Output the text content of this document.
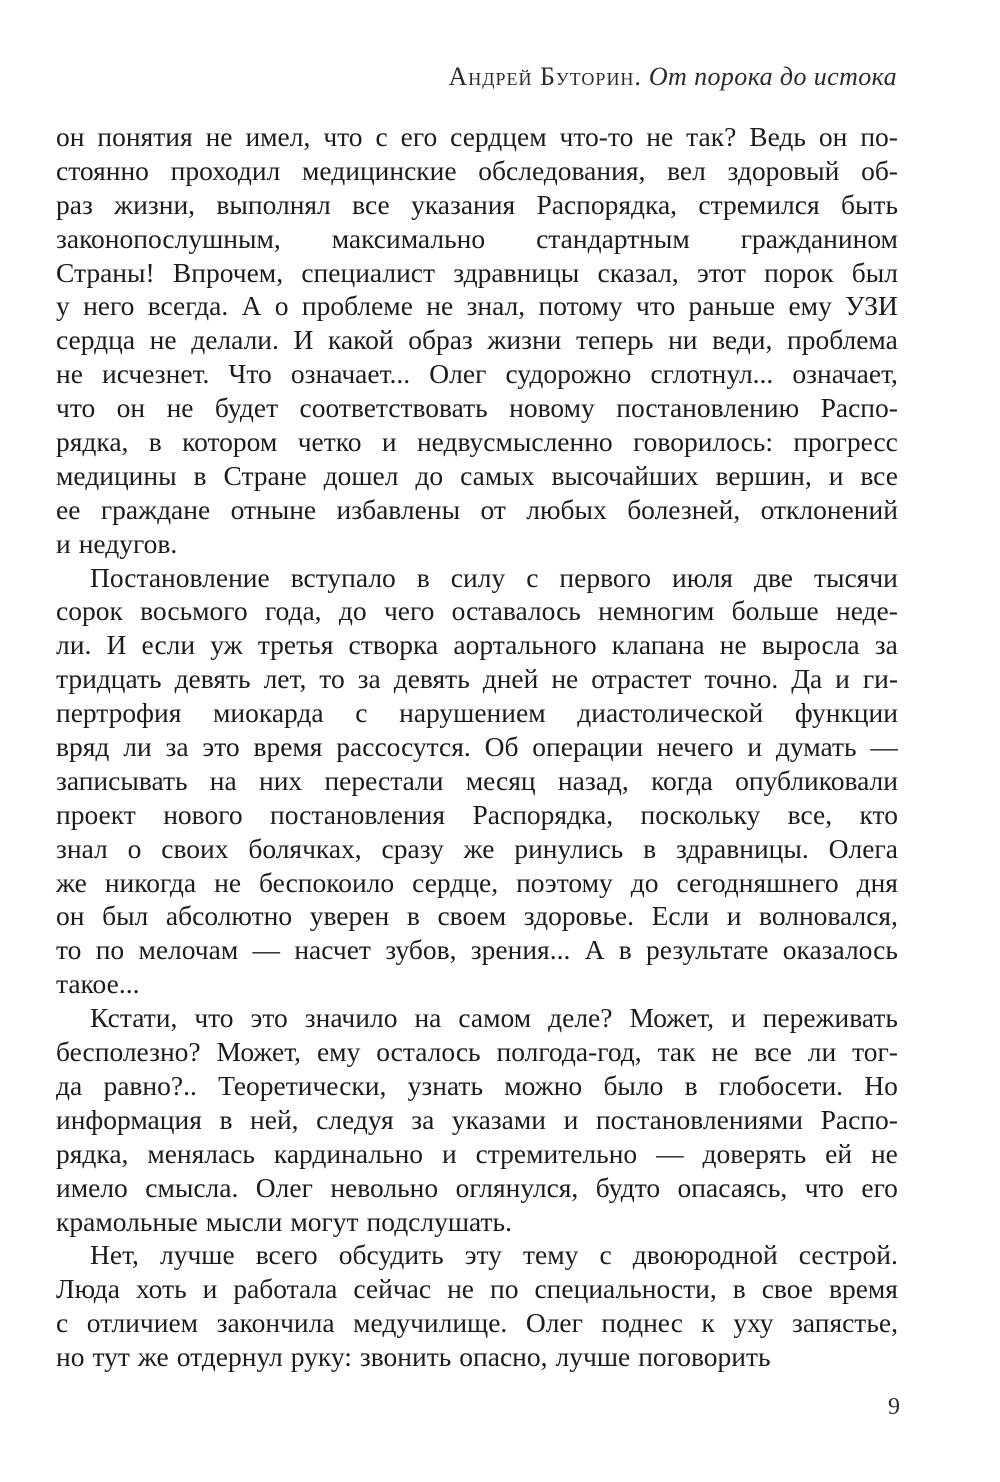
Андрей Буторин. От порока до истока
он понятия не имел, что с его сердцем что-то не так? Ведь он по-
стоянно проходил медицинские обследования, вел здоровый об-
раз жизни, выполнял все указания Распорядка, стремился быть
законопослушным, максимально стандартным гражданином
Страны! Впрочем, специалист здравницы сказал, этот порок был
у него всегда. А о проблеме не знал, потому что раньше ему УЗИ
сердца не делали. И какой образ жизни теперь ни веди, проблема
не исчезнет. Что означает... Олег судорожно сглотнул... означает,
что он не будет соответствовать новому постановлению Распо-
рядка, в котором четко и недвусмысленно говорилось: прогресс
медицины в Стране дошел до самых высочайших вершин, и все
ее граждане отныне избавлены от любых болезней, отклонений
и недугов.
Постановление вступало в силу с первого июля две тысячи
сорок восьмого года, до чего оставалось немногим больше неде-
ли. И если уж третья створка аортального клапана не выросла за
тридцать девять лет, то за девять дней не отрастет точно. Да и ги-
пертрофия миокарда с нарушением диастолической функции
вряд ли за это время рассосутся. Об операции нечего и думать —
записывать на них перестали месяц назад, когда опубликовали
проект нового постановления Распорядка, поскольку все, кто
знал о своих болячках, сразу же ринулись в здравницы. Олега
же никогда не беспокоило сердце, поэтому до сегодняшнего дня
он был абсолютно уверен в своем здоровье. Если и волновался,
то по мелочам — насчет зубов, зрения... А в результате оказалось
такое...
Кстати, что это значило на самом деле? Может, и переживать
бесполезно? Может, ему осталось полгода-год, так не все ли тог-
да равно?.. Теоретически, узнать можно было в глобосети. Но
информация в ней, следуя за указами и постановлениями Распо-
рядка, менялась кардинально и стремительно — доверять ей не
имело смысла. Олег невольно оглянулся, будто опасаясь, что его
крамольные мысли могут подслушать.
Нет, лучше всего обсудить эту тему с двоюродной сестрой.
Люда хоть и работала сейчас не по специальности, в свое время
с отличием закончила медучилище. Олег поднес к уху запястье,
но тут же отдернул руку: звонить опасно, лучше поговорить
9
